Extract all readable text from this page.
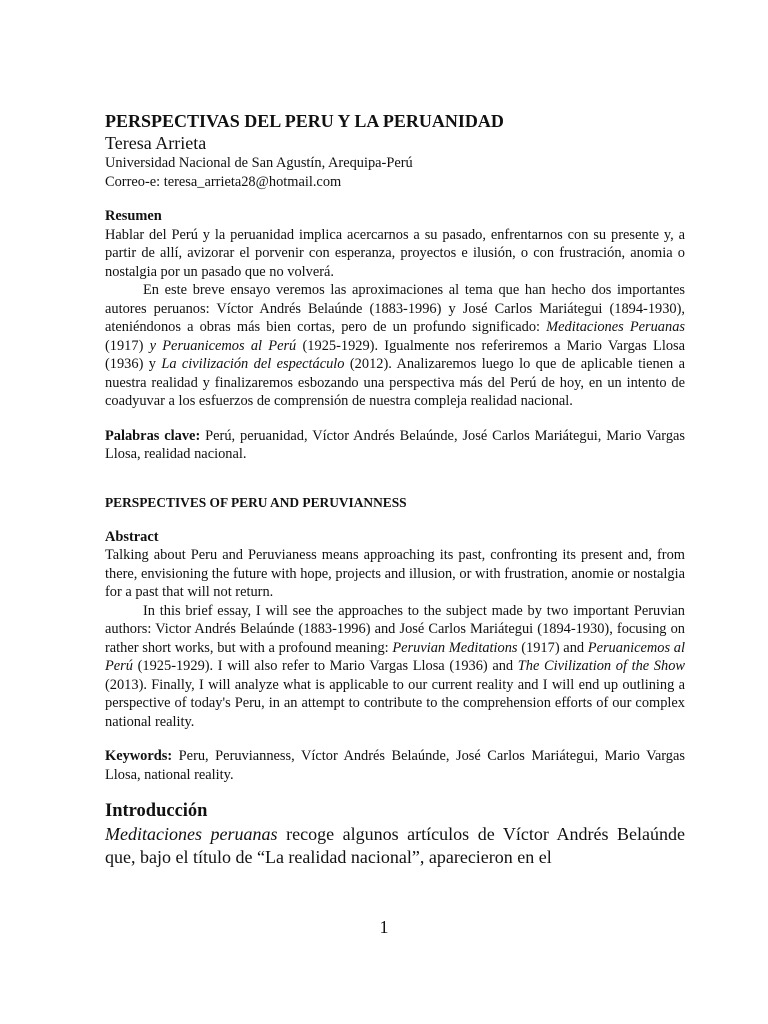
PERSPECTIVAS DEL PERU Y LA PERUANIDAD

Teresa Arrieta

Universidad Nacional de San Agustín, Arequipa-Perú

Correo-e: teresa_arrieta28@hotmail.com

Resumen

Hablar del Perú y la peruanidad implica acercarnos a su pasado, enfrentarnos con su presente y, a partir de allí, avizorar el porvenir con esperanza, proyectos e ilusión, o con frustración, anomia o nostalgia por un pasado que no volverá.

En este breve ensayo veremos las aproximaciones al tema que han hecho dos importantes autores peruanos: Víctor Andrés Belaúnde (1883-1996) y José Carlos Mariátegui (1894-1930), ateniéndonos a obras más bien cortas, pero de un profundo significado: Meditaciones Peruanas (1917) y Peruanicemos al Perú (1925-1929). Igualmente nos referiremos a Mario Vargas Llosa (1936) y La civilización del espectáculo (2012). Analizaremos luego lo que de aplicable tienen a nuestra realidad y finalizaremos esbozando una perspectiva más del Perú de hoy, en un intento de coadyuvar a los esfuerzos de comprensión de nuestra compleja realidad nacional.

Palabras clave: Perú, peruanidad, Víctor Andrés Belaúnde, José Carlos Mariátegui, Mario Vargas Llosa, realidad nacional.

PERSPECTIVES OF PERU AND PERUVIANNESS

Abstract

Talking about Peru and Peruvianess means approaching its past, confronting its present and, from there, envisioning the future with hope, projects and illusion, or with frustration, anomie or nostalgia for a past that will not return.

In this brief essay, I will see the approaches to the subject made by two important Peruvian authors: Victor Andrés Belaúnde (1883-1996) and José Carlos Mariátegui (1894-1930), focusing on rather short works, but with a profound meaning: Peruvian Meditations (1917) and Peruanicemos al Perú (1925-1929). I will also refer to Mario Vargas Llosa (1936) and The Civilization of the Show (2013). Finally, I will analyze what is applicable to our current reality and I will end up outlining a perspective of today's Peru, in an attempt to contribute to the comprehension efforts of our complex national reality.

Keywords: Peru, Peruvianness, Víctor Andrés Belaúnde, José Carlos Mariátegui, Mario Vargas Llosa, national reality.

Introducción

Meditaciones peruanas recoge algunos artículos de Víctor Andrés Belaúnde que, bajo el título de “La realidad nacional”, aparecieron en el

1
